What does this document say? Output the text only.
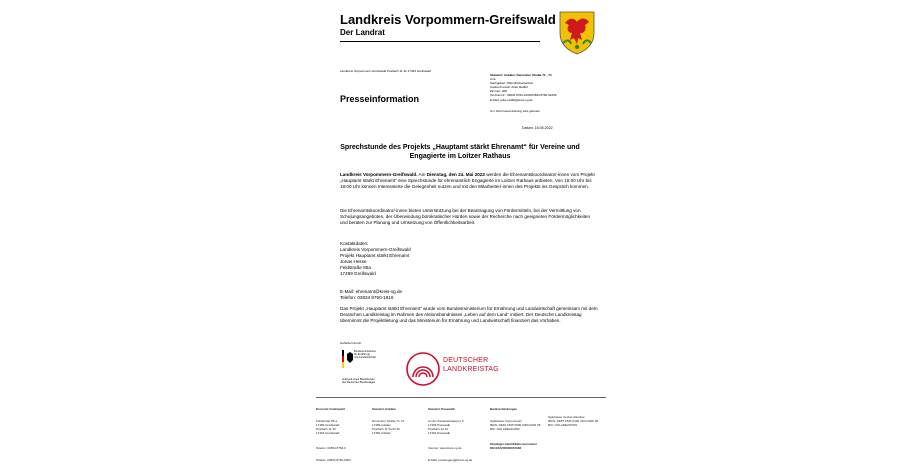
Landkreis Vorpommern-Greifswald
Der Landrat
Landkreis Vorpommern-Greifswald Postfach 11 32 17464 Greifswald
Standort: Anklam, Demminer Straße 71 - 74
Amt:
Sachgebiet: Öffentlichkeitsarbeit
Auskunft erteilt: Anke Radtkf
Zimmer: 208
Tel./Fax-Nr.: 03834 8760-1606/03834 8760-91606
E-Mail: anke.radtkf@kreis-vg.de
Presseinformation
Um Terminvereinbarung wird gebeten
Datum: 16.05.2022
Sprechstunde des Projekts „Hauptamt stärkt Ehrenamt“ für Vereine und Engagierte im Loitzer Rathaus
Landkreis Vorpommern-Greifswald. Am Dienstag, den 24. Mai 2022 werden die Ehrenamtskoordinator/-innen vom Projekt „Hauptamt stärkt Ehrenamt“ eine Sprechstunde für ehrenamtlich Engagierte im Loitzer Rathaus anbieten. Von 16:00 Uhr bis 18:00 Uhr können Interessierte die Gelegenheit nutzen und mit den Mitarbeiter/-innen des Projekts ins Gespräch kommen.
Die Ehrenamtskoordinator/-innen bieten Unterstützung bei der Beantragung von Fördermitteln, bei der Vermittlung von Schulungsangeboten, der Überwindung bürokratischer Hürden sowie der Recherche nach geeigneten Fördermöglichkeiten und beraten zur Planung und Umsetzung von Öffentlichkeitsarbeit.
Kontaktdaten:
Landkreis Vorpommern-Greifswald
Projekt Hauptamt stärkt Ehrenamt
Jonas Hesse
Feldstraße 85a
17489 Greifswald
E-Mail: ehrenamt@kreis-vg.de
Telefon: 03834 8760-1816
Das Projekt „Hauptamt stärkt Ehrenamt“ wurde vom Bundesministerium für Ernährung und Landwirtschaft gemeinsam mit dem Deutschen Landkreistag im Rahmen des Aktionsbündnisses „Leben auf dem Land“ initiiert. Der Deutsche Landkreistag übernimmt die Projektleitung und das Ministerium für Ernährung und Landwirtschaft finanziert das Vorhaben.
Gefördert durch:
Bundesministerium
für Ernährung
und Landwirtschaft
aufgrund eines Beschlusses
des Deutschen Bundestages
DEUTSCHER
LANDKREISTAG

Kreissitz Greifswald

Feldstraße 85 a
17489 Greifswald
Postfach 11 32
17464 Greifswald

Telefon: 03834 8760-0

Telefax: 03834 8760-9000

Standort Anklam

Demminer Straße 71-74
17389 Anklam
Postfach 11 51/11 52
17381 Anklam

Standort Pasewalk

An der Kürassierkaserne 9
17309 Pasewalk
Postfach 12 42
17302 Pasewalk

Internet: www.kreis-vg.de

E-Mail: posteingang@kreis-vg.de

Bankverbindungen

Sparkasse Vorpommern
IBAN: DE81 1505 0500 0000 0002 05
BIC: NOLADE21GRW

Gläubiger-Identifikationsnummer
DE11ZZZ00000015083

Sparkasse Uecker-Randow
IBAN: DE57 1505 0400 3110 0000 00
BIC: NOLADE21PSW
